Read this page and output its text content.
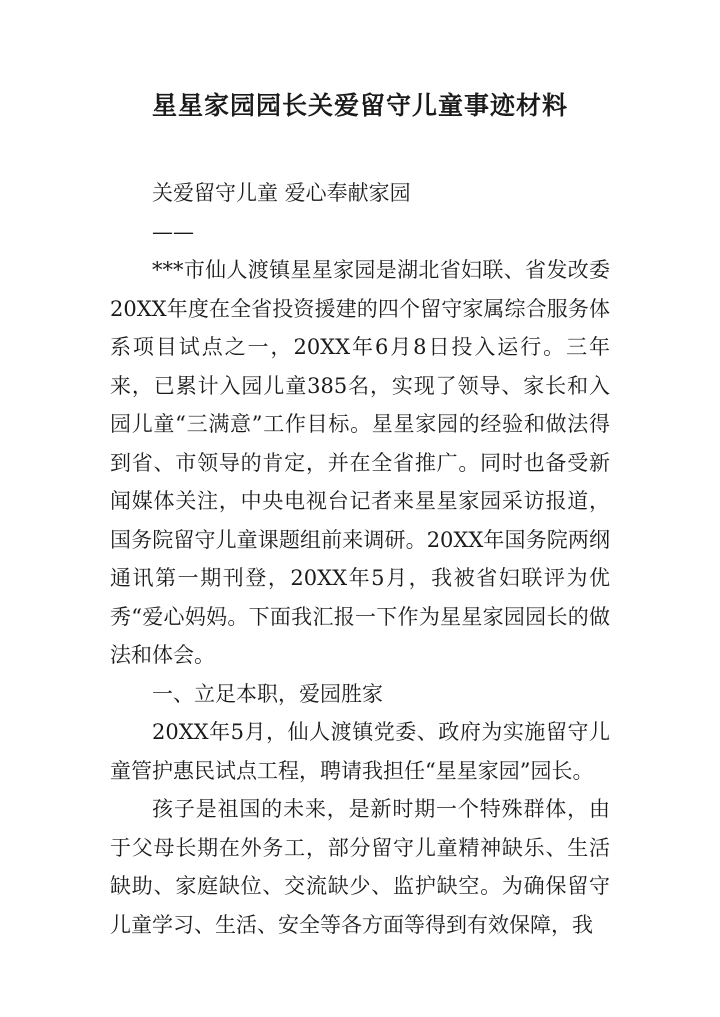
星星家园园长关爱留守儿童事迹材料

关爱留守儿童 爱心奉献家园

——

***市仙人渡镇星星家园是湖北省妇联、省发改委20XX年度在全省投资援建的四个留守家属综合服务体系项目试点之一，20XX年6月8日投入运行。三年来，已累计入园儿童385名，实现了领导、家长和入园儿童“三满意”工作目标。星星家园的经验和做法得到省、市领导的肯定，并在全省推广。同时也备受新闻媒体关注，中央电视台记者来星星家园采访报道，国务院留守儿童课题组前来调研。20XX年国务院两纲通讯第一期刊登，20XX年5月，我被省妇联评为优秀“爱心妈妈。下面我汇报一下作为星星家园园长的做法和体会。

一、立足本职，爱园胜家

20XX年5月，仙人渡镇党委、政府为实施留守儿童管护惠民试点工程，聘请我担任“星星家园”园长。

孩子是祖国的未来，是新时期一个特殊群体，由于父母长期在外务工，部分留守儿童精神缺乐、生活缺助、家庭缺位、交流缺少、监护缺空。为确保留守儿童学习、生活、安全等各方面等得到有效保障，我
